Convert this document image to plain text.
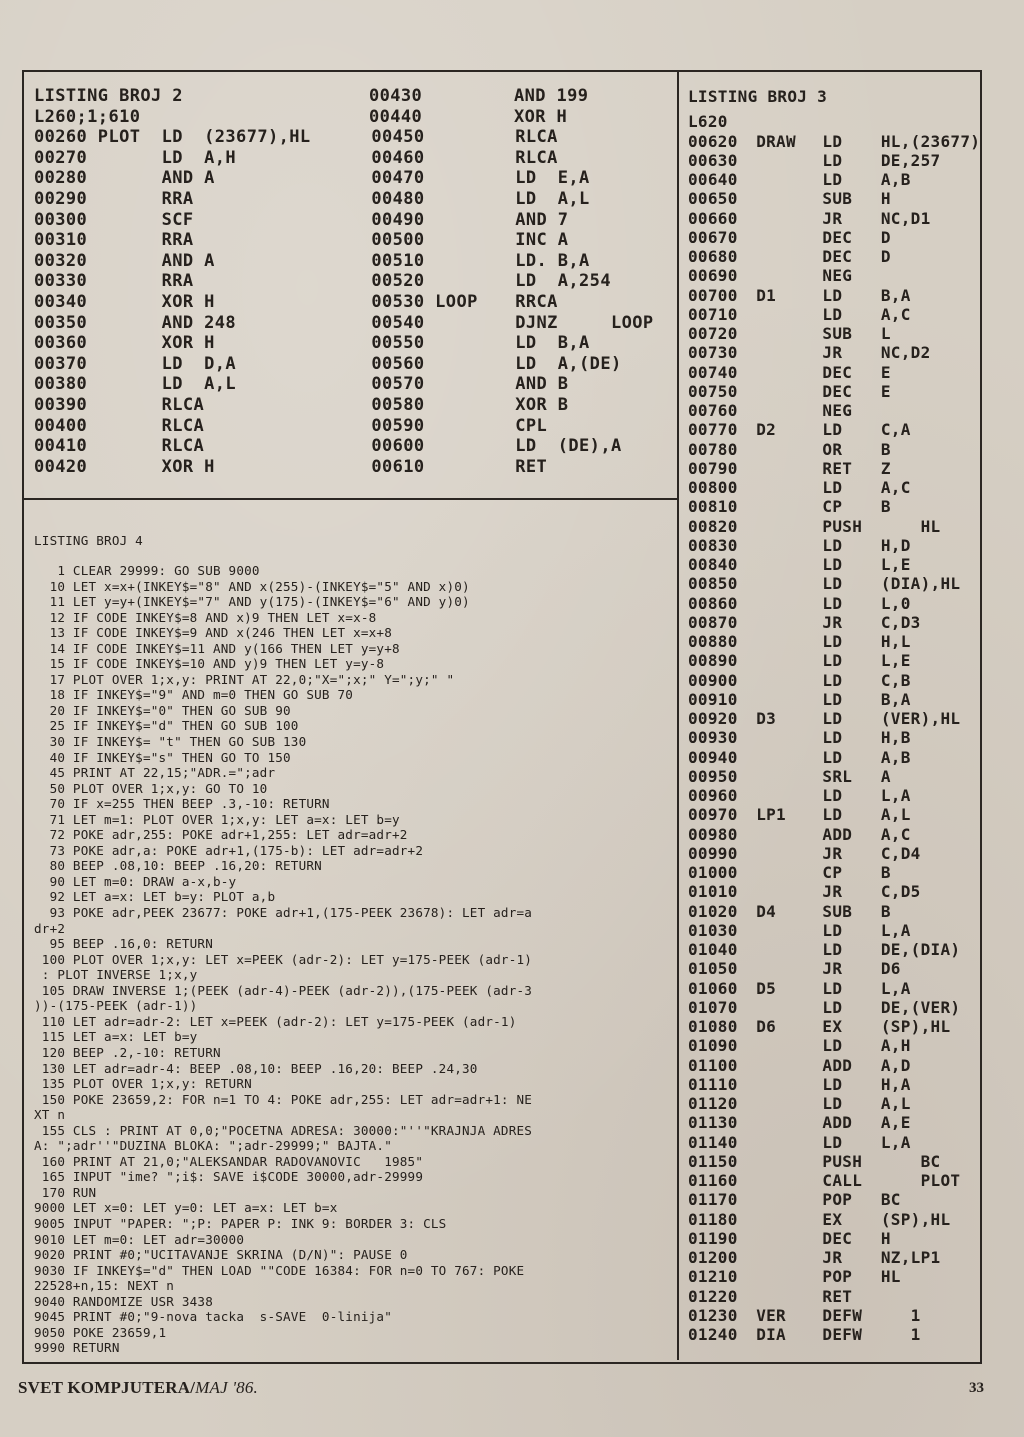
LISTING BROJ 2	00430	AND 199
L260;1;610	00440	XOR H
00260 PLOT  LD  (23677),HL	00450	RLCA
00270       LD  A,H	00460	RLCA
00280       AND A	00470	LD  E,A
00290       RRA	00480	LD  A,L
00300       SCF	00490	AND 7
00310       RRA	00500	INC A
00320       AND A	00510	LD. B,A
00330       RRA	00520	LD  A,254
00340       XOR H	00530 LOOP	RRCA
00350       AND 248	00540	DJNZ     LOOP
00360       XOR H	00550	LD  B,A
00370       LD  D,A	00560	LD  A,(DE)
00380       LD  A,L	00570	AND B
00390       RLCA	00580	XOR B
00400       RLCA	00590	CPL
00410       RLCA	00600	LD  (DE),A
00420       XOR H	00610	RET
LISTING BROJ 3
L620
00620	DRAW	LD	HL,(23677)
00630	LD	DE,257
00640	LD	A,B
00650	SUB	H
00660	JR	NC,D1
00670	DEC	D
00680	DEC	D
00690	NEG
00700	D1	LD	B,A
00710	LD	A,C
00720	SUB	L
00730	JR	NC,D2
00740	DEC	E
00750	DEC	E
00760	NEG
00770	D2	LD	C,A
00780	OR	B
00790	RET	Z
00800	LD	A,C
00810	CP	B
00820	PUSH	HL
00830	LD	H,D
00840	LD	L,E
00850	LD	(DIA),HL
00860	LD	L,0
00870	JR	C,D3
00880	LD	H,L
00890	LD	L,E
00900	LD	C,B
00910	LD	B,A
00920	D3	LD	(VER),HL
00930	LD	H,B
00940	LD	A,B
00950	SRL	A
00960	LD	L,A
00970	LP1	LD	A,L
00980	ADD	A,C
00990	JR	C,D4
01000	CP	B
01010	JR	C,D5
01020	D4	SUB	B
01030	LD	L,A
01040	LD	DE,(DIA)
01050	JR	D6
01060	D5	LD	L,A
01070	LD	DE,(VER)
01080	D6	EX	(SP),HL
01090	LD	A,H
01100	ADD	A,D
01110	LD	H,A
01120	LD	A,L
01130	ADD	A,E
01140	LD	L,A
01150	PUSH	BC
01160	CALL	PLOT
01170	POP	BC
01180	EX	(SP),HL
01190	DEC	H
01200	JR	NZ,LP1
01210	POP	HL
01220	RET
01230	VER	DEFW	1
01240	DIA	DEFW	1
LISTING BROJ 4
1 CLEAR 29999: GO SUB 9000
10 LET x=x+(INKEY$="8" AND x(255)-(INKEY$="5" AND x)0)
11 LET y=y+(INKEY$="7" AND y(175)-(INKEY$="6" AND y)0)
12 IF CODE INKEY$=8 AND x)9 THEN LET x=x-8
13 IF CODE INKEY$=9 AND x(246 THEN LET x=x+8
14 IF CODE INKEY$=11 AND y(166 THEN LET y=y+8
15 IF CODE INKEY$=10 AND y)9 THEN LET y=y-8
17 PLOT OVER 1;x,y: PRINT AT 22,0;"X=";x;" Y=";y;" "
18 IF INKEY$="9" AND m=0 THEN GO SUB 70
20 IF INKEY$="0" THEN GO SUB 90
25 IF INKEY$="d" THEN GO SUB 100
30 IF INKEY$= "t" THEN GO SUB 130
40 IF INKEY$="s" THEN GO TO 150
45 PRINT AT 22,15;"ADR.=";adr
50 PLOT OVER 1;x,y: GO TO 10
70 IF x=255 THEN BEEP .3,-10: RETURN
71 LET m=1: PLOT OVER 1;x,y: LET a=x: LET b=y
72 POKE adr,255: POKE adr+1,255: LET adr=adr+2
73 POKE adr,a: POKE adr+1,(175-b): LET adr=adr+2
80 BEEP .08,10: BEEP .16,20: RETURN
90 LET m=0: DRAW a-x,b-y
92 LET a=x: LET b=y: PLOT a,b
93 POKE adr,PEEK 23677: POKE adr+1,(175-PEEK 23678): LET adr=a
dr+2
95 BEEP .16,0: RETURN
100 PLOT OVER 1;x,y: LET x=PEEK (adr-2): LET y=175-PEEK (adr-1)
: PLOT INVERSE 1;x,y
105 DRAW INVERSE 1;(PEEK (adr-4)-PEEK (adr-2)),(175-PEEK (adr-3
))-(175-PEEK (adr-1))
110 LET adr=adr-2: LET x=PEEK (adr-2): LET y=175-PEEK (adr-1)
115 LET a=x: LET b=y
120 BEEP .2,-10: RETURN
130 LET adr=adr-4: BEEP .08,10: BEEP .16,20: BEEP .24,30
135 PLOT OVER 1;x,y: RETURN
150 POKE 23659,2: FOR n=1 TO 4: POKE adr,255: LET adr=adr+1: NE
XT n
155 CLS : PRINT AT 0,0;"POCETNA ADRESA: 30000:"''"KRAJNJA ADRES
A: ";adr''"DUZINA BLOKA: ";adr-29999;" BAJTA."
160 PRINT AT 21,0;"ALEKSANDAR RADOVANOVIC   1985"
165 INPUT "ime? ";i$: SAVE i$CODE 30000,adr-29999
170 RUN
9000 LET x=0: LET y=0: LET a=x: LET b=x
9005 INPUT "PAPER: ";P: PAPER P: INK 9: BORDER 3: CLS
9010 LET m=0: LET adr=30000
9020 PRINT #0;"UCITAVANJE SKRINA (D/N)": PAUSE 0
9030 IF INKEY$="d" THEN LOAD ""CODE 16384: FOR n=0 TO 767: POKE
22528+n,15: NEXT n
9040 RANDOMIZE USR 3438
9045 PRINT #0;"9-nova tacka  s-SAVE  0-linija"
9050 POKE 23659,1
9990 RETURN
SVET KOMPJUTERA/MAJ '86.	33
